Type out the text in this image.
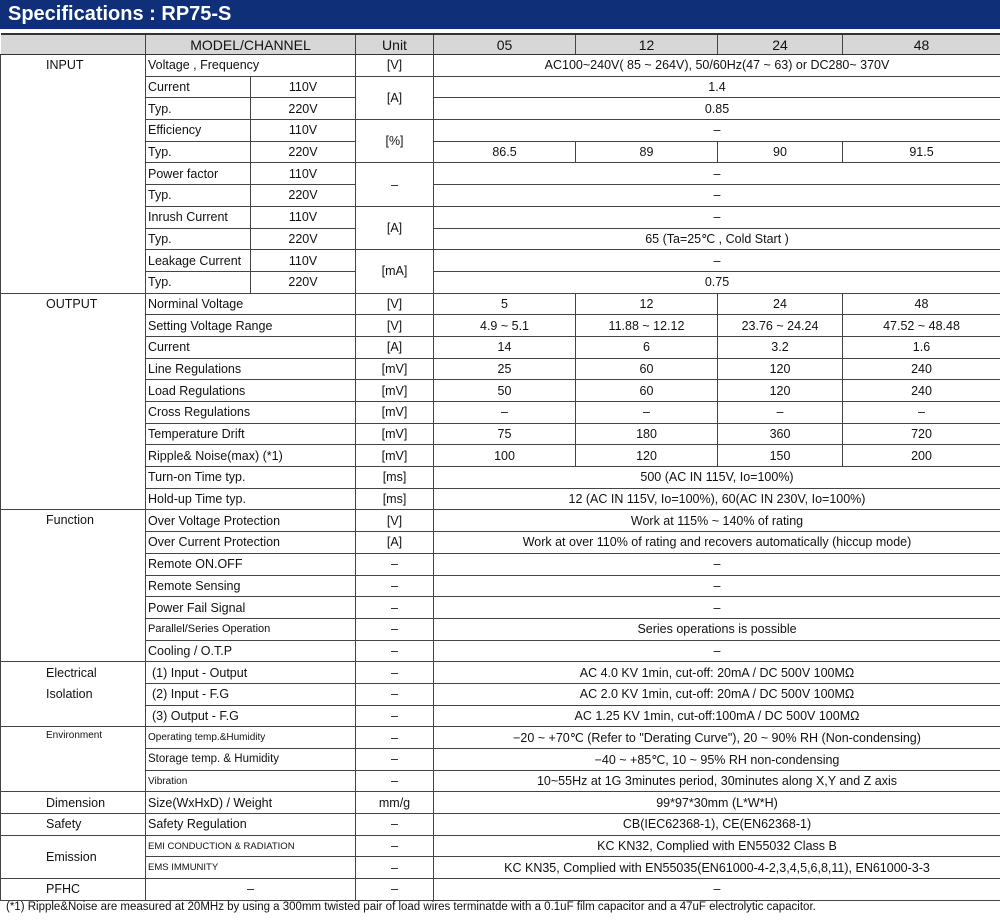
Specifications : RP75-S
	MODEL/CHANNEL		Unit	05	12	24	48
INPUT	Voltage , Frequency		[V]	AC100~240V( 85 ~ 264V), 50/60Hz(47 ~ 63) or DC280~ 370V			
	Current	110V	[A]	1.4			
	Typ.	220V		0.85			
	Efficiency	110V	[%]	–			
	Typ.	220V		86.5	89	90	91.5
	Power factor	110V	–	–			
	Typ.	220V		–			
	Inrush Current	110V	[A]	–			
	Typ.	220V		65 (Ta=25℃ , Cold Start )			
	Leakage Current	110V	[mA]	–			
	Typ.	220V		0.75			
OUTPUT	Norminal Voltage		[V]	5	12	24	48
	Setting Voltage Range		[V]	4.9 ~ 5.1	11.88 ~ 12.12	23.76 ~ 24.24	47.52 ~ 48.48
	Current		[A]	14	6	3.2	1.6
	Line Regulations		[mV]	25	60	120	240
	Load Regulations		[mV]	50	60	120	240
	Cross Regulations		[mV]	–	–	–	–
	Temperature Drift		[mV]	75	180	360	720
	Ripple& Noise(max) (*1)		[mV]	100	120	150	200
	Turn-on Time typ.		[ms]	500 (AC IN 115V, Io=100%)			
	Hold-up Time typ.		[ms]	12 (AC IN 115V, Io=100%), 60(AC IN 230V, Io=100%)			
Function	Over Voltage Protection		[V]	Work at 115% ~ 140% of rating			
	Over Current Protection		[A]	Work at over 110% of rating and recovers automatically (hiccup mode)			
	Remote ON.OFF		–	–			
	Remote Sensing		–	–			
	Power Fail Signal		–	–			
	Parallel/Series Operation		–	Series operations is possible			
	Cooling / O.T.P		–	–			
Electrical	(1) Input - Output		–	AC 4.0 KV 1min, cut-off: 20mA / DC 500V 100MΩ			
Isolation	(2) Input - F.G		–	AC 2.0 KV 1min, cut-off: 20mA / DC 500V 100MΩ			
	(3) Output - F.G		–	AC 1.25 KV 1min, cut-off:100mA / DC 500V 100MΩ			
Environment	Operating temp.&Humidity		–	−20 ~ +70℃ (Refer to "Derating Curve"), 20 ~ 90% RH (Non-condensing)			
	Storage temp. & Humidity		–	−40 ~ +85℃, 10 ~ 95% RH non-condensing			
	Vibration		–	10~55Hz at 1G 3minutes period, 30minutes along X,Y and Z axis			
Dimension	Size(WxHxD) / Weight		mm/g	99*97*30mm (L*W*H)			
Safety	Safety Regulation		–	CB(IEC62368-1), CE(EN62368-1)			
Emission	EMI CONDUCTION & RADIATION		–	KC KN32, Complied with EN55032 Class B			
	EMS IMMUNITY		–	KC KN35, Complied with EN55035(EN61000-4-2,3,4,5,6,8,11), EN61000-3-3			
PFHC	–		–	–			
(*1) Ripple&Noise are measured at 20MHz by using a 300mm twisted pair of load wires terminatde with a 0.1uF film capacitor and a 47uF electrolytic capacitor.
